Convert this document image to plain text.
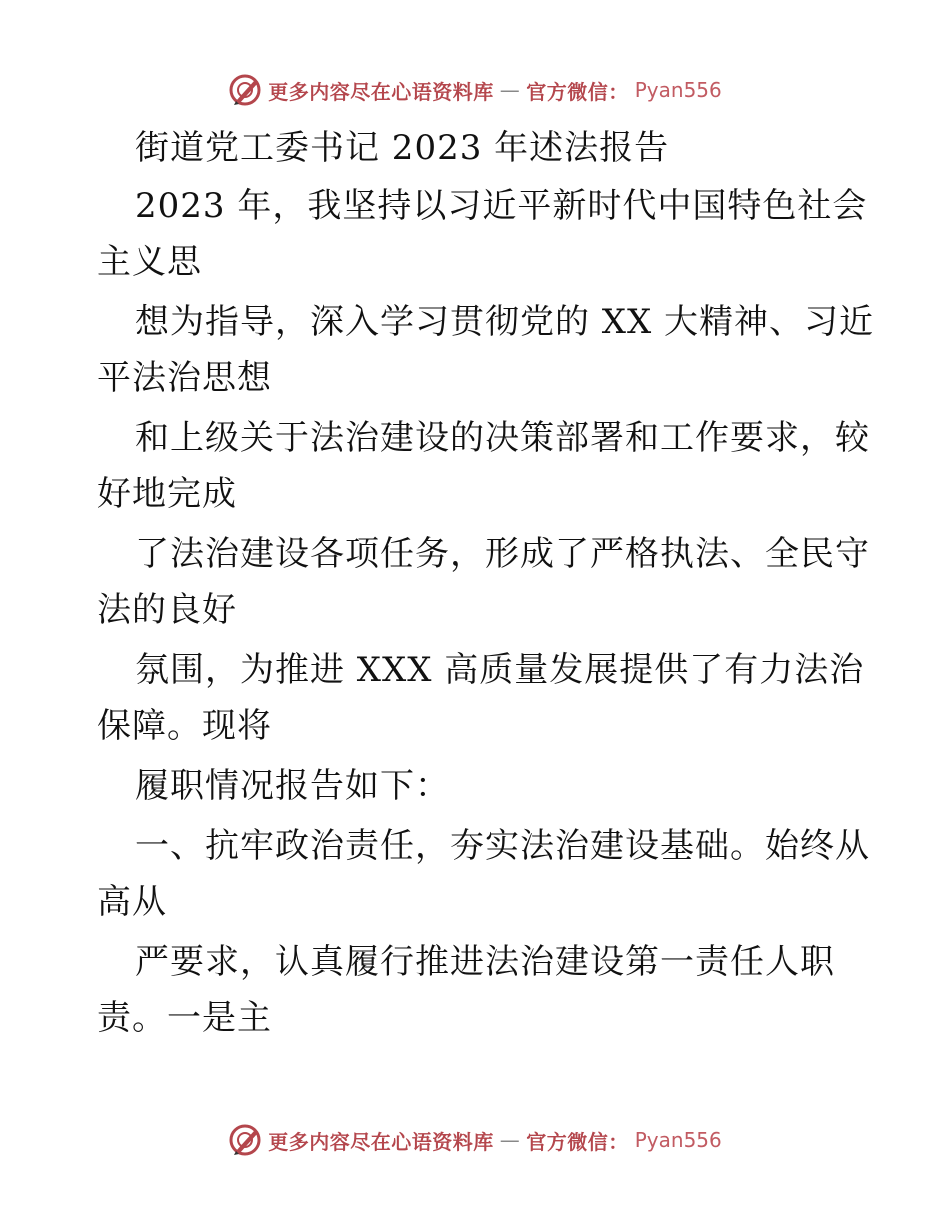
更多内容尽在心语资料库 — 官方微信： Pyan556
街道党工委书记 2023 年述法报告
2023 年，我坚持以习近平新时代中国特色社会
主义思
想为指导，深入学习贯彻党的 XX 大精神、习近
平法治思想
和上级关于法治建设的决策部署和工作要求，较
好地完成
了法治建设各项任务，形成了严格执法、全民守
法的良好
氛围，为推进 XXX 高质量发展提供了有力法治
保障。现将
履职情况报告如下：
一、抗牢政治责任，夯实法治建设基础。始终从
高从
严要求，认真履行推进法治建设第一责任人职
责。一是主
更多内容尽在心语资料库 — 官方微信： Pyan556
